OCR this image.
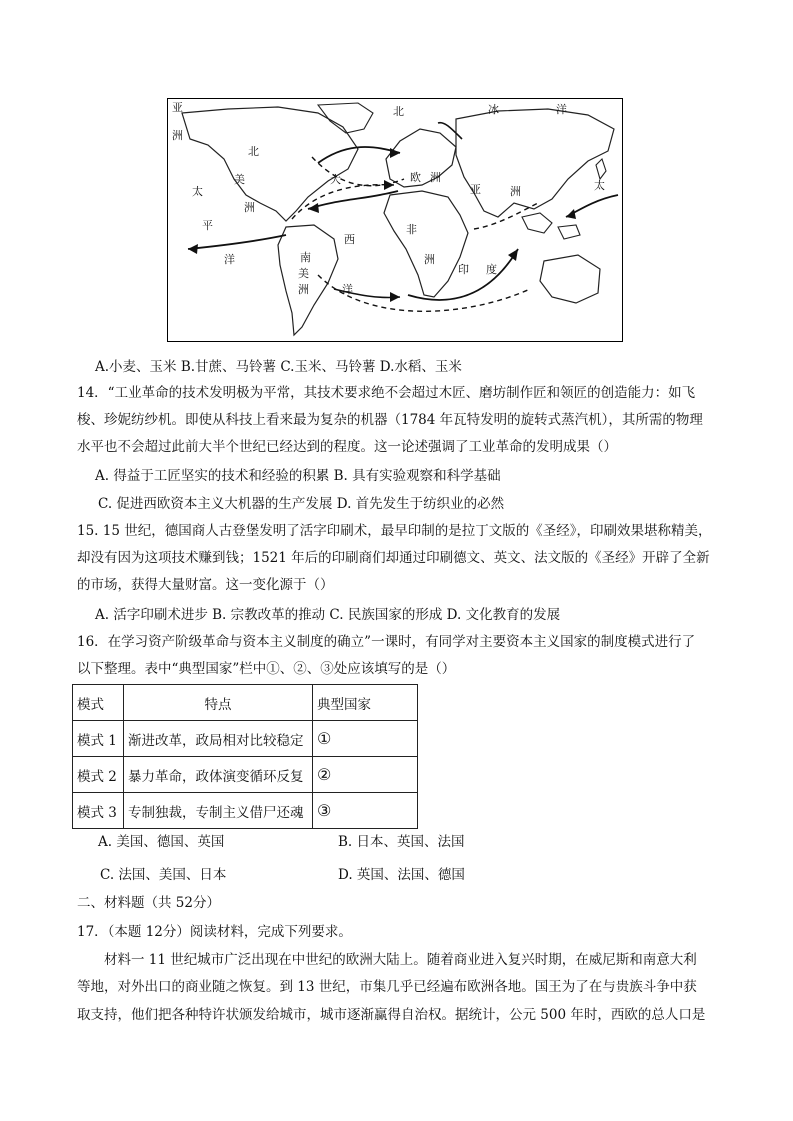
北	冰	洋
亚
洲
北
美
洲
太
平
洋
大
西
洋
欧 洲
亚	洲
非
洲
南
美
洲
印 度
太
A.小麦、玉米 B.甘蔗、马铃薯 C.玉米、马铃薯 D.水稻、玉米
14．“工业革命的技术发明极为平常，其技术要求绝不会超过木匠、磨坊制作匠和领匠的创造能力：如飞
梭、珍妮纺纱机。即使从科技上看来最为复杂的机器（1784 年瓦特发明的旋转式蒸汽机），其所需的物理
水平也不会超过此前大半个世纪已经达到的程度。这一论述强调了工业革命的发明成果（）
A. 得益于工匠坚实的技术和经验的积累 B. 具有实验观察和科学基础
C. 促进西欧资本主义大机器的生产发展 D. 首先发生于纺织业的必然
15. 15 世纪，德国商人古登堡发明了活字印刷术，最早印制的是拉丁文版的《圣经》，印刷效果堪称精美，
却没有因为这项技术赚到钱；1521 年后的印刷商们却通过印刷德文、英文、法文版的《圣经》开辟了全新
的市场，获得大量财富。这一变化源于（）
A. 活字印刷术进步 B. 宗教改革的推动 C. 民族国家的形成 D. 文化教育的发展
16．在学习资产阶级革命与资本主义制度的确立”一课时，有同学对主要资本主义国家的制度模式进行了
以下整理。表中“典型国家”栏中①、②、③处应该填写的是（）
模式	特点	典型国家
模式 1	渐进改革，政局相对比较稳定	①
模式 2	暴力革命，政体演变循环反复	②
模式 3	专制独裁，专制主义借尸还魂	③
A. 美国、德国、英国	B. 日本、英国、法国
C. 法国、美国、日本	D. 英国、法国、德国
二、材料题（共 52分）
17．（本题 12分）阅读材料，完成下列要求。
材料一 11 世纪城市广泛出现在中世纪的欧洲大陆上。随着商业进入复兴时期，在威尼斯和南意大利
等地，对外出口的商业随之恢复。到 13 世纪，市集几乎已经遍布欧洲各地。国王为了在与贵族斗争中获
取支持，他们把各种特许状颁发给城市，城市逐渐赢得自治权。据统计，公元 500 年时，西欧的总人口是
